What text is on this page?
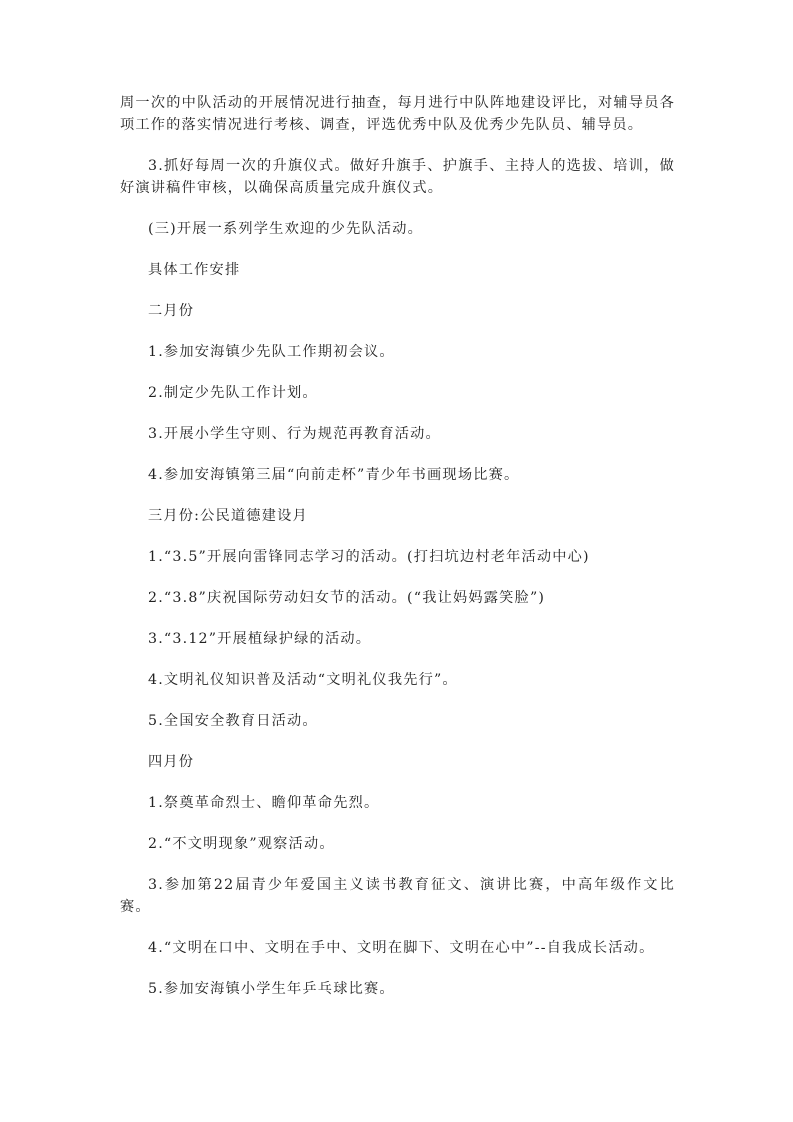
周一次的中队活动的开展情况进行抽查，每月进行中队阵地建设评比，对辅导员各项工作的落实情况进行考核、调查，评选优秀中队及优秀少先队员、辅导员。

3.抓好每周一次的升旗仪式。做好升旗手、护旗手、主持人的选拔、培训，做好演讲稿件审核，以确保高质量完成升旗仪式。

(三)开展一系列学生欢迎的少先队活动。

具体工作安排

二月份

1.参加安海镇少先队工作期初会议。

2.制定少先队工作计划。

3.开展小学生守则、行为规范再教育活动。

4.参加安海镇第三届“向前走杯”青少年书画现场比赛。

三月份:公民道德建设月

1.“3.5”开展向雷锋同志学习的活动。(打扫坑边村老年活动中心)

2.“3.8”庆祝国际劳动妇女节的活动。(“我让妈妈露笑脸”)

3.“3.12”开展植绿护绿的活动。

4.文明礼仪知识普及活动“文明礼仪我先行”。

5.全国安全教育日活动。

四月份

1.祭奠革命烈士、瞻仰革命先烈。

2.“不文明现象”观察活动。

3.参加第22届青少年爱国主义读书教育征文、演讲比赛，中高年级作文比赛。

4.“文明在口中、文明在手中、文明在脚下、文明在心中”--自我成长活动。

5.参加安海镇小学生年乒乓球比赛。
